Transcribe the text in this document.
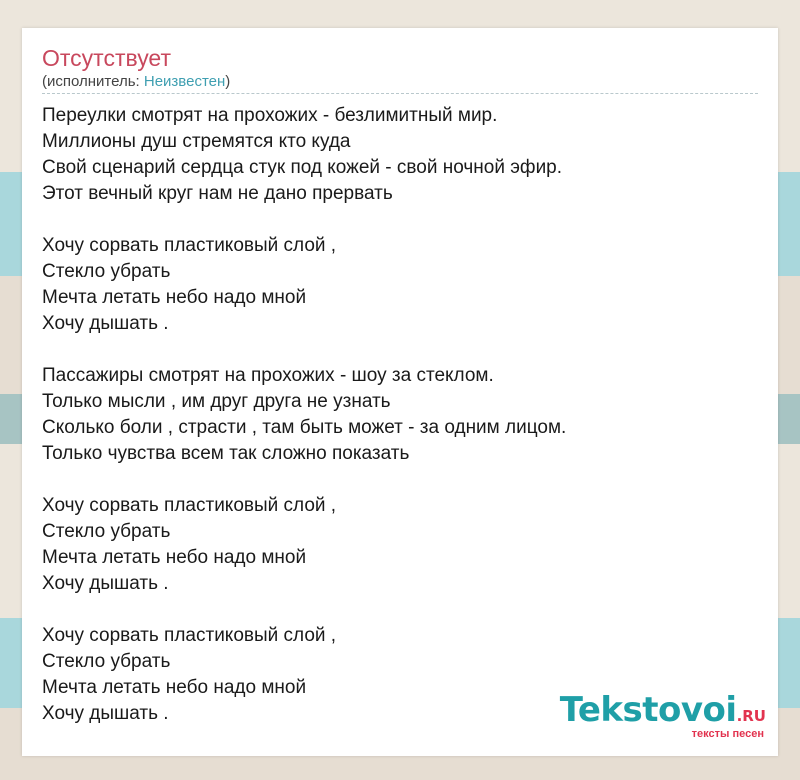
Отсутствует
(исполнитель: Неизвестен)
Переулки смотрят на прохожих - безлимитный мир.
Миллионы душ стремятся кто куда
Свой сценарий сердца стук под кожей - свой ночной эфир.
Этот вечный круг нам не дано прервать
Хочу сорвать пластиковый слой ,
Стекло убрать
Мечта летать небо надо мной
Хочу дышать .
Пассажиры смотрят на прохожих - шоу за стеклом.
Только мысли , им друг друга не узнать
Сколько боли , страсти , там быть может - за одним лицом.
Только чувства всем так сложно показать
Хочу сорвать пластиковый слой ,
Стекло убрать
Мечта летать небо надо мной
Хочу дышать .
Хочу сорвать пластиковый слой ,
Стекло убрать
Мечта летать небо надо мной
Хочу дышать .	Tekstovoi.RU
тексты песен
